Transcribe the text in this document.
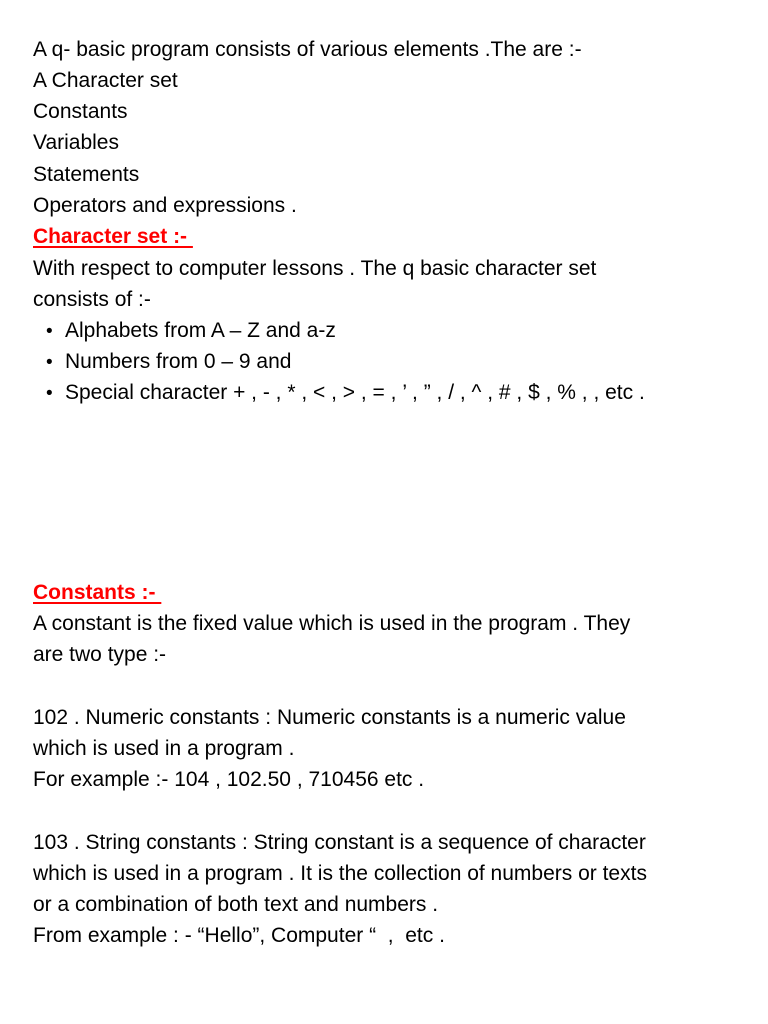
A q- basic program consists of various elements .The are :-
A Character set
Constants
Variables
Statements
Operators and expressions .
Character set :-
With respect to computer lessons . The q basic character set
consists of :-
• Alphabets from A – Z and a-z
• Numbers from 0 – 9 and
• Special character + , - , * , < , > , = , ’ , ” , / , ^ , # , $ , % , , etc .
Constants :-
A constant is the fixed value which is used in the program . They
are two type :-
102 . Numeric constants : Numeric constants is a numeric value
which is used in a program .
For example :- 104 , 102.50 , 710456 etc .
103 . String constants : String constant is a sequence of character
which is used in a program . It is the collection of numbers or texts
or a combination of both text and numbers .
From example : - “Hello”, Computer “  ,  etc .
